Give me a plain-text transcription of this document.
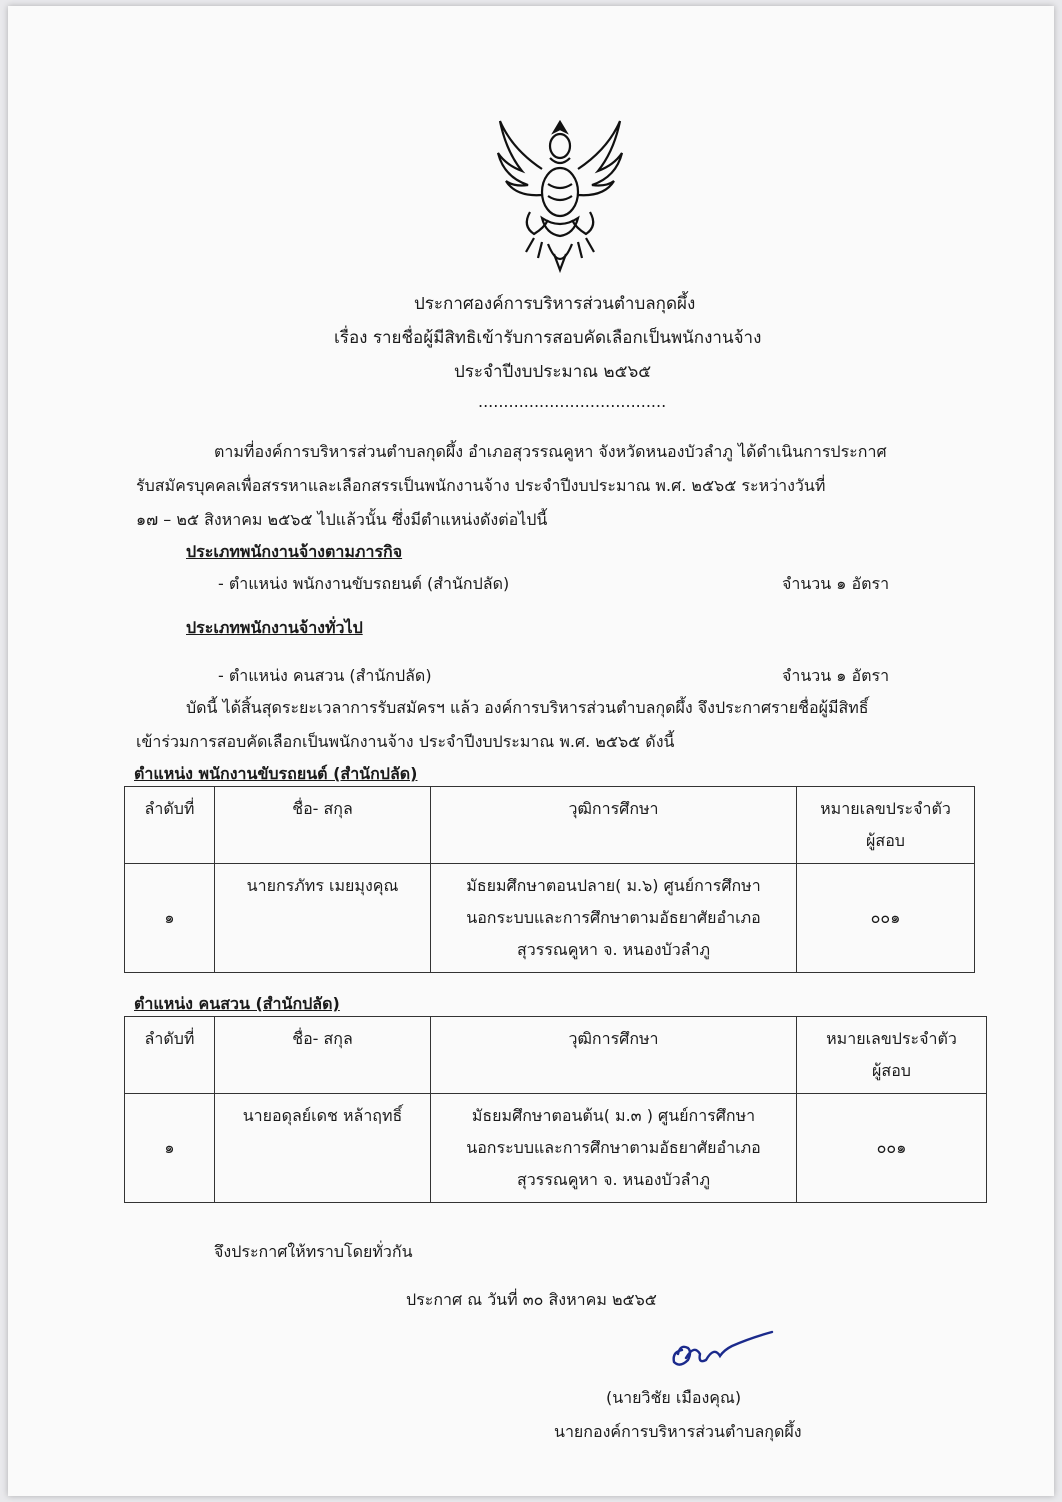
ประกาศองค์การบริหารส่วนตำบลกุดผึ้ง
เรื่อง รายชื่อผู้มีสิทธิเข้ารับการสอบคัดเลือกเป็นพนักงานจ้าง
ประจำปีงบประมาณ ๒๕๖๕
.....................................
ตามที่องค์การบริหารส่วนตำบลกุดผึ้ง อำเภอสุวรรณคูหา จังหวัดหนองบัวลำภู ได้ดำเนินการประกาศ
รับสมัครบุคคลเพื่อสรรหาและเลือกสรรเป็นพนักงานจ้าง ประจำปีงบประมาณ พ.ศ. ๒๕๖๕ ระหว่างวันที่
๑๗ – ๒๕ สิงหาคม ๒๕๖๕ ไปแล้วนั้น ซึ่งมีตำแหน่งดังต่อไปนี้
ประเภทพนักงานจ้างตามภารกิจ
- ตำแหน่ง พนักงานขับรถยนต์ (สำนักปลัด)	จำนวน ๑ อัตรา
ประเภทพนักงานจ้างทั่วไป
- ตำแหน่ง คนสวน (สำนักปลัด)	จำนวน ๑ อัตรา
บัดนี้ ได้สิ้นสุดระยะเวลาการรับสมัครฯ แล้ว องค์การบริหารส่วนตำบลกุดผึ้ง จึงประกาศรายชื่อผู้มีสิทธิ์
เข้าร่วมการสอบคัดเลือกเป็นพนักงานจ้าง ประจำปีงบประมาณ พ.ศ. ๒๕๖๕ ดังนี้
ตำแหน่ง พนักงานขับรถยนต์ (สำนักปลัด)
ลำดับที่	ชื่อ- สกุล	วุฒิการศึกษา	หมายเลขประจำตัว
ผู้สอบ

๑	นายกรภัทร เมยมุงคุณ	มัธยมศึกษาตอนปลาย( ม.๖) ศูนย์การศึกษา
นอกระบบและการศึกษาตามอัธยาศัยอำเภอ
สุวรรณคูหา จ. หนองบัวลำภู	๐๐๑
ตำแหน่ง คนสวน (สำนักปลัด)
ลำดับที่	ชื่อ- สกุล	วุฒิการศึกษา	หมายเลขประจำตัว
ผู้สอบ

๑	นายอดุลย์เดช หล้าฤทธิ์	มัธยมศึกษาตอนต้น( ม.๓ ) ศูนย์การศึกษา
นอกระบบและการศึกษาตามอัธยาศัยอำเภอ
สุวรรณคูหา จ. หนองบัวลำภู	๐๐๑
จึงประกาศให้ทราบโดยทั่วกัน
ประกาศ ณ วันที่ ๓๐ สิงหาคม ๒๕๖๕
(นายวิชัย เมืองคุณ)
นายกองค์การบริหารส่วนตำบลกุดผึ้ง
